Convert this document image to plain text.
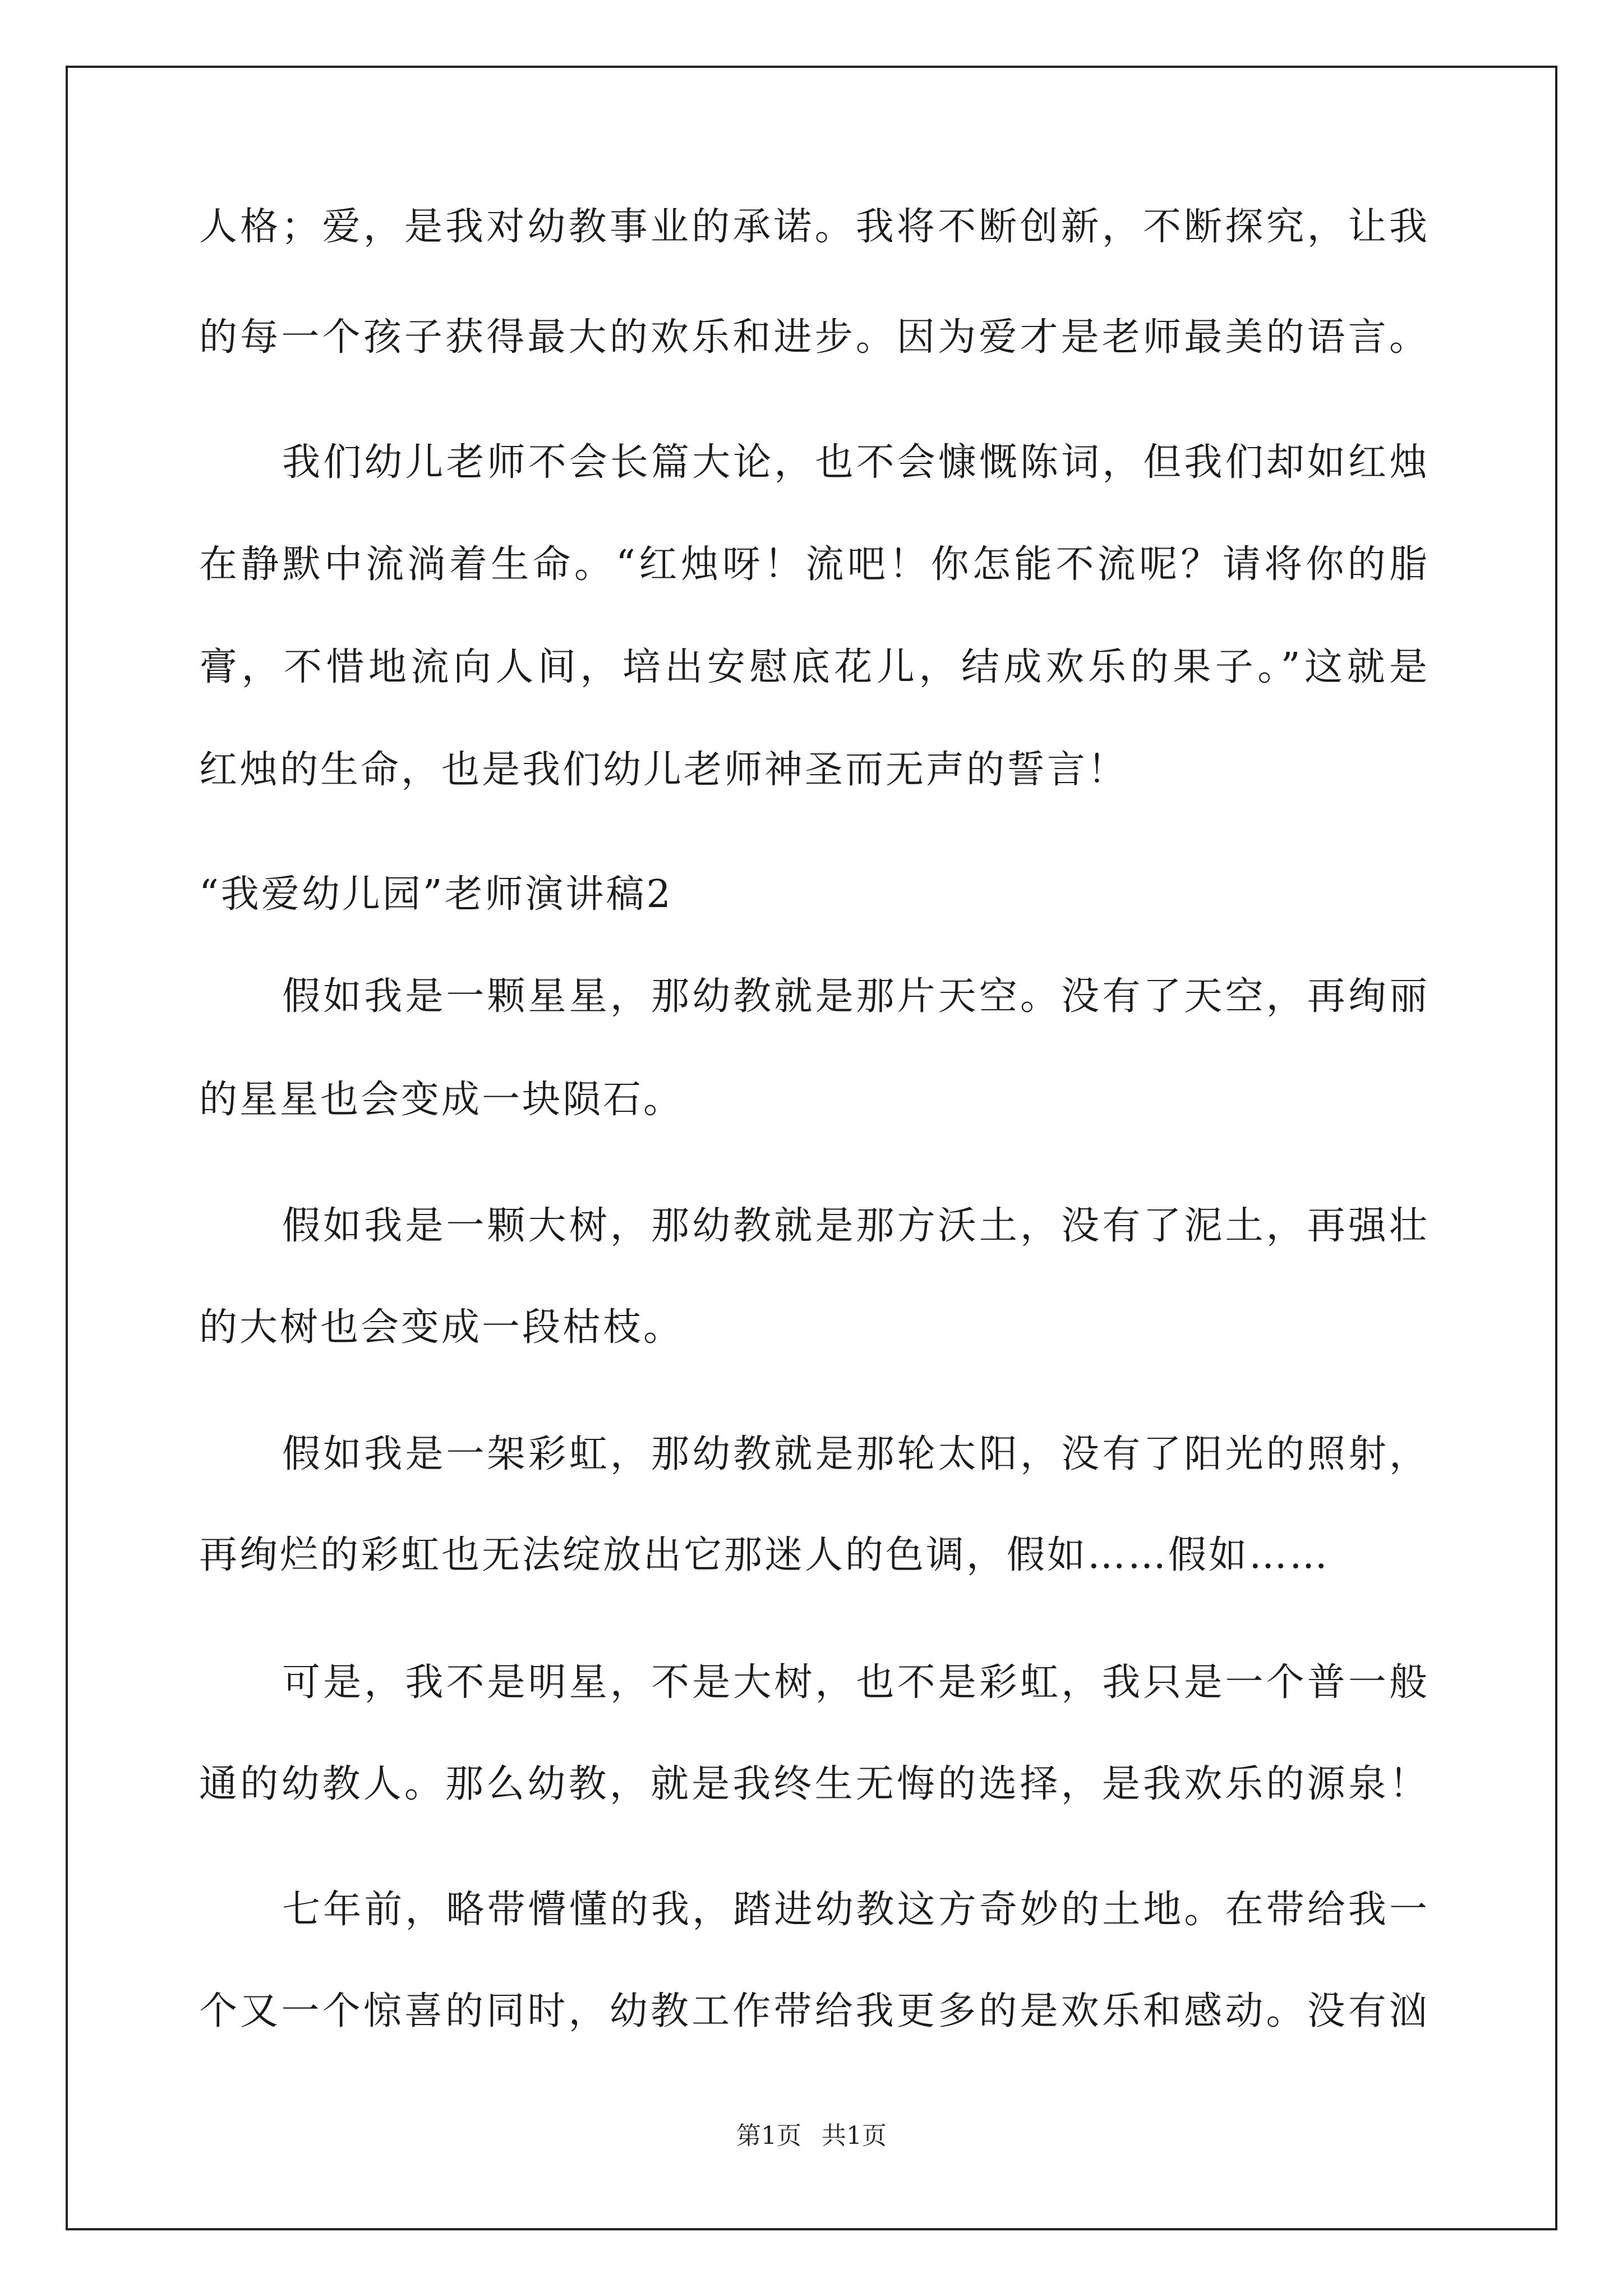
人格；爱，是我对幼教事业的承诺。我将不断创新，不断探究，让我
的每一个孩子获得最大的欢乐和进步。因为爱才是老师最美的语言。
我们幼儿老师不会长篇大论，也不会慷慨陈词，但我们却如红烛
在静默中流淌着生命。“红烛呀！流吧！你怎能不流呢？请将你的脂
膏，不惜地流向人间，培出安慰底花儿，结成欢乐的果子。”这就是
红烛的生命，也是我们幼儿老师神圣而无声的誓言！
“我爱幼儿园”老师演讲稿2
假如我是一颗星星，那幼教就是那片天空。没有了天空，再绚丽
的星星也会变成一块陨石。
假如我是一颗大树，那幼教就是那方沃土，没有了泥土，再强壮
的大树也会变成一段枯枝。
假如我是一架彩虹，那幼教就是那轮太阳，没有了阳光的照射，
再绚烂的彩虹也无法绽放出它那迷人的色调，假如……假如……
可是，我不是明星，不是大树，也不是彩虹，我只是一个普一般
通的幼教人。那么幼教，就是我终生无悔的选择，是我欢乐的源泉！
七年前，略带懵懂的我，踏进幼教这方奇妙的土地。在带给我一
个又一个惊喜的同时，幼教工作带给我更多的是欢乐和感动。没有汹
第1页 共1页
